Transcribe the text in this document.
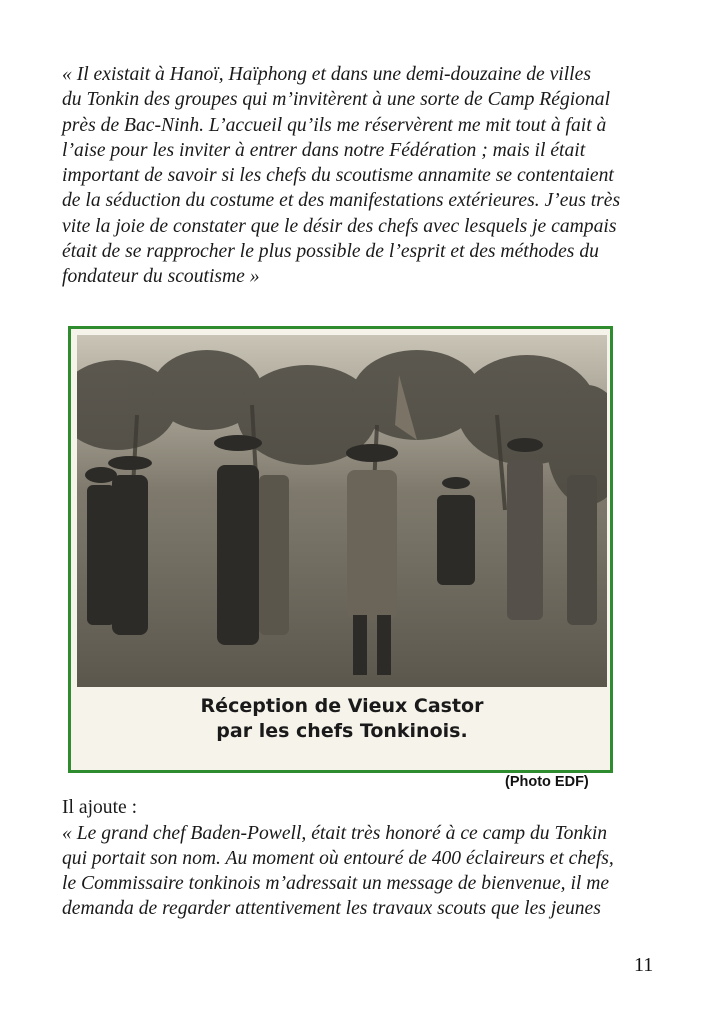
« Il existait à Hanoï, Haïphong et dans une demi-douzaine de villes
du Tonkin des groupes qui m’invitèrent à une sorte de Camp Régional
près de Bac-Ninh. L’accueil qu’ils me réservèrent me mit tout à fait à
l’aise pour les inviter à entrer dans notre Fédération ; mais il était
important de savoir si les chefs du scoutisme annamite se contentaient
de la séduction du costume et des manifestations extérieures. J’eus très
vite la joie de constater que le désir des chefs avec lesquels je campais
était de se rapprocher le plus possible de l’esprit et des méthodes du
fondateur du scoutisme »
Réception de Vieux Castor
par les chefs Tonkinois.
(Photo EDF)

Il ajoute :

« Le grand chef Baden-Powell, était très honoré à ce camp du Tonkin
qui portait son nom. Au moment où entouré de 400 éclaireurs et chefs,
le Commissaire tonkinois m’adressait un message de bienvenue, il me
demanda de regarder attentivement les travaux scouts que les jeunes
11
